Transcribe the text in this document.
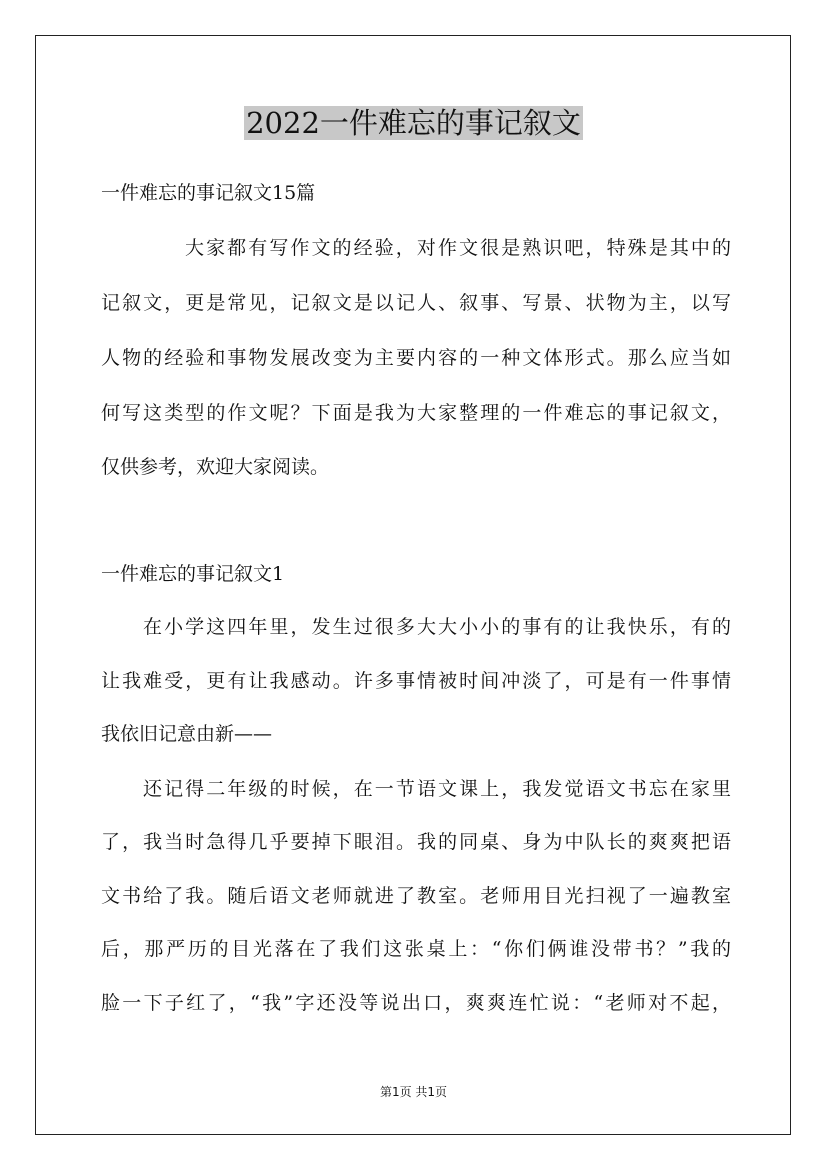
2022一件难忘的事记叙文
一件难忘的事记叙文15篇
大家都有写作文的经验，对作文很是熟识吧，特殊是其中的
记叙文，更是常见，记叙文是以记人、叙事、写景、状物为主，以写
人物的经验和事物发展改变为主要内容的一种文体形式。那么应当如
何写这类型的作文呢？下面是我为大家整理的一件难忘的事记叙文，
仅供参考，欢迎大家阅读。
一件难忘的事记叙文1
在小学这四年里，发生过很多大大小小的事有的让我快乐，有的
让我难受，更有让我感动。许多事情被时间冲淡了，可是有一件事情
我依旧记意由新——
还记得二年级的时候，在一节语文课上，我发觉语文书忘在家里
了，我当时急得几乎要掉下眼泪。我的同桌、身为中队长的爽爽把语
文书给了我。随后语文老师就进了教室。老师用目光扫视了一遍教室
后，那严历的目光落在了我们这张桌上：“你们俩谁没带书？”我的
脸一下子红了，“我”字还没等说出口，爽爽连忙说：“老师对不起，
第1页 共1页
